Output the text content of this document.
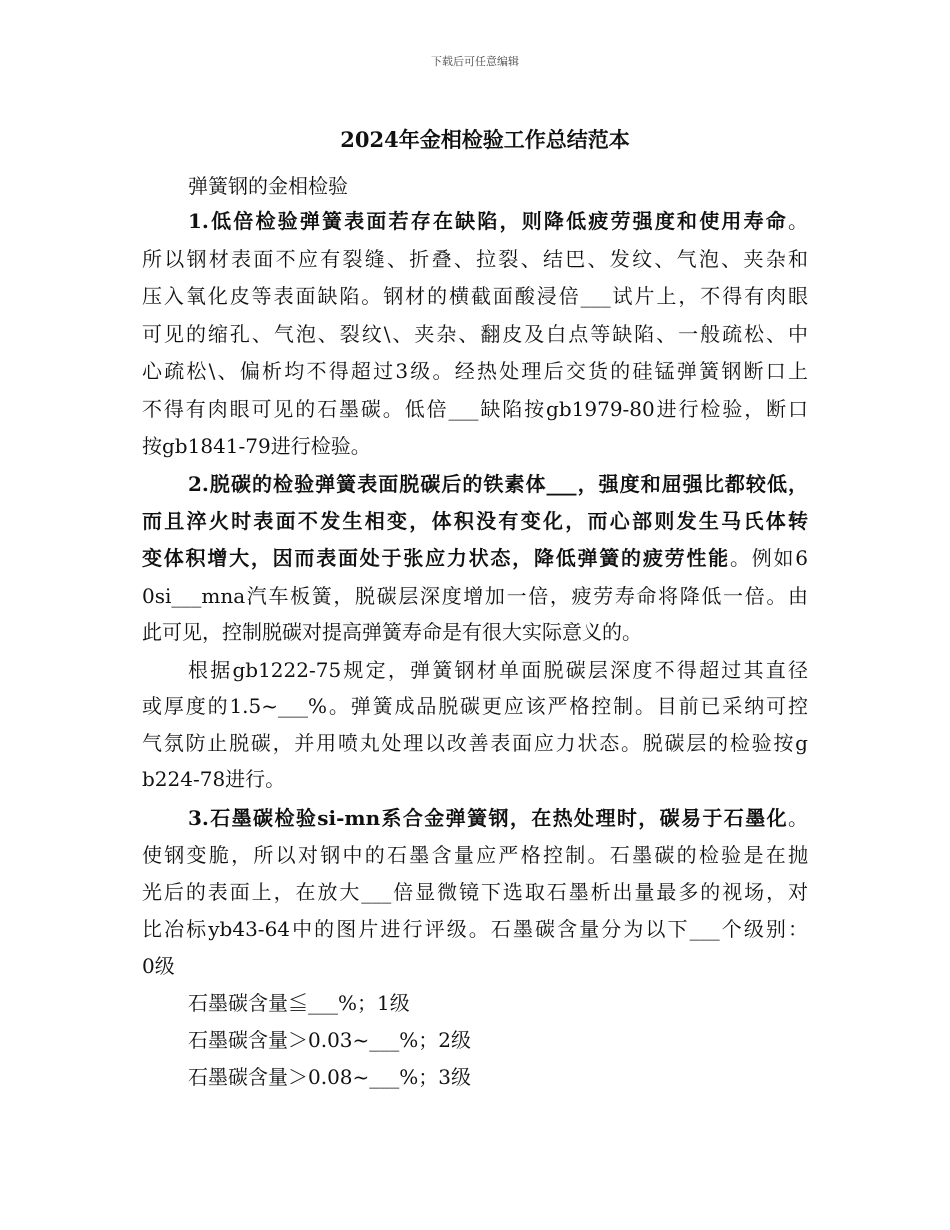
下载后可任意编辑
2024年金相检验工作总结范本
弹簧钢的金相检验
1.低倍检验弹簧表面若存在缺陷，则降低疲劳强度和使用寿命。
所以钢材表面不应有裂缝、折叠、拉裂、结巴、发纹、气泡、夹杂和
压入氧化皮等表面缺陷。钢材的横截面酸浸倍___试片上，不得有肉眼
可见的缩孔、气泡、裂纹\、夹杂、翻皮及白点等缺陷、一般疏松、中
心疏松\、偏析均不得超过3级。经热处理后交货的硅锰弹簧钢断口上
不得有肉眼可见的石墨碳。低倍___缺陷按gb1979-80进行检验，断口
按gb1841-79进行检验。
2.脱碳的检验弹簧表面脱碳后的铁素体___，强度和屈强比都较低，
而且淬火时表面不发生相变，体积没有变化，而心部则发生马氏体转
变体积增大，因而表面处于张应力状态，降低弹簧的疲劳性能。例如6
0si___mna汽车板簧，脱碳层深度增加一倍，疲劳寿命将降低一倍。由
此可见，控制脱碳对提高弹簧寿命是有很大实际意义的。
根据gb1222-75规定，弹簧钢材单面脱碳层深度不得超过其直径
或厚度的1.5~___%。弹簧成品脱碳更应该严格控制。目前已采纳可控
气氛防止脱碳，并用喷丸处理以改善表面应力状态。脱碳层的检验按g
b224-78进行。
3.石墨碳检验si-mn系合金弹簧钢，在热处理时，碳易于石墨化。
使钢变脆，所以对钢中的石墨含量应严格控制。石墨碳的检验是在抛
光后的表面上，在放大___倍显微镜下选取石墨析出量最多的视场，对
比冶标yb43-64中的图片进行评级。石墨碳含量分为以下___个级别：
0级
石墨碳含量≦___%；1级
石墨碳含量＞0.03~___%；2级
石墨碳含量＞0.08~___%；3级
